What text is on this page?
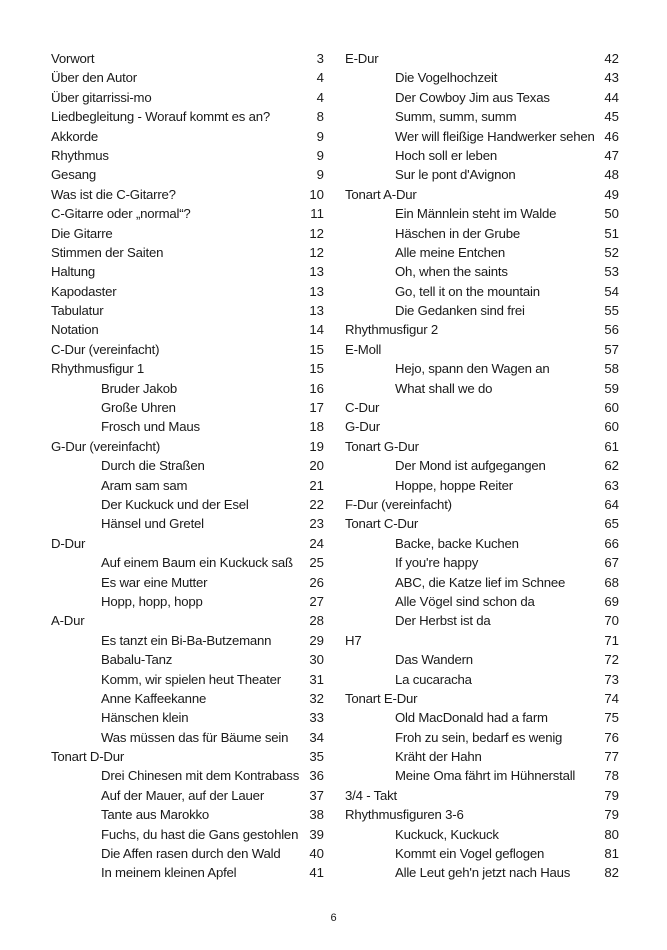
Vorwort	3
Über den Autor	4
Über gitarrissi-mo	4
Liedbegleitung - Worauf kommt es an?	8
Akkorde	9
Rhythmus	9
Gesang	9
Was ist die C-Gitarre?	10
C-Gitarre oder „normal“?	11
Die Gitarre	12
Stimmen der Saiten	12
Haltung	13
Kapodaster	13
Tabulatur	13
Notation	14
C-Dur (vereinfacht)	15
Rhythmusfigur 1	15
Bruder Jakob	16
Große Uhren	17
Frosch und Maus	18
G-Dur (vereinfacht)	19
Durch die Straßen	20
Aram sam sam	21
Der Kuckuck und der Esel	22
Hänsel und Gretel	23
D-Dur	24
Auf einem Baum ein Kuckuck saß 25
Es war eine Mutter	26
Hopp, hopp, hopp	27
A-Dur	28
Es tanzt ein Bi-Ba-Butzemann	29
Babalu-Tanz	30
Komm, wir spielen heut Theater 31
Anne Kaffeekanne	32
Hänschen klein	33
Was müssen das für Bäume sein 34
Tonart D-Dur	35
Drei Chinesen mit dem Kontrabass 36
Auf der Mauer, auf der Lauer	37
Tante aus Marokko	38
Fuchs, du hast die Gans gestohlen 39
Die Affen rasen durch den Wald 40
In meinem kleinen Apfel	41
E-Dur	42
Die Vogelhochzeit	43
Der Cowboy Jim aus Texas	44
Summ, summ, summ	45
Wer will fleißige Handwerker sehen 46
Hoch soll er leben	47
Sur le pont d'Avignon	48
Tonart A-Dur	49
Ein Männlein steht im Walde	50
Häschen in der Grube	51
Alle meine Entchen	52
Oh, when the saints	53
Go, tell it on the mountain	54
Die Gedanken sind frei	55
Rhythmusfigur 2	56
E-Moll	57
Hejo, spann den Wagen an	58
What shall we do	59
C-Dur	60
G-Dur	60
Tonart G-Dur	61
Der Mond ist aufgegangen	62
Hoppe, hoppe Reiter	63
F-Dur (vereinfacht)	64
Tonart C-Dur	65
Backe, backe Kuchen	66
If you're happy	67
ABC, die Katze lief im Schnee	68
Alle Vögel sind schon da	69
Der Herbst ist da	70
H7	71
Das Wandern	72
La cucaracha	73
Tonart E-Dur	74
Old MacDonald had a farm	75
Froh zu sein, bedarf es wenig	76
Kräht der Hahn	77
Meine Oma fährt im Hühnerstall 78
3/4 - Takt	79
Rhythmusfiguren 3-6	79
Kuckuck, Kuckuck	80
Kommt ein Vogel geflogen	81
Alle Leut geh'n jetzt nach Haus	82
6
